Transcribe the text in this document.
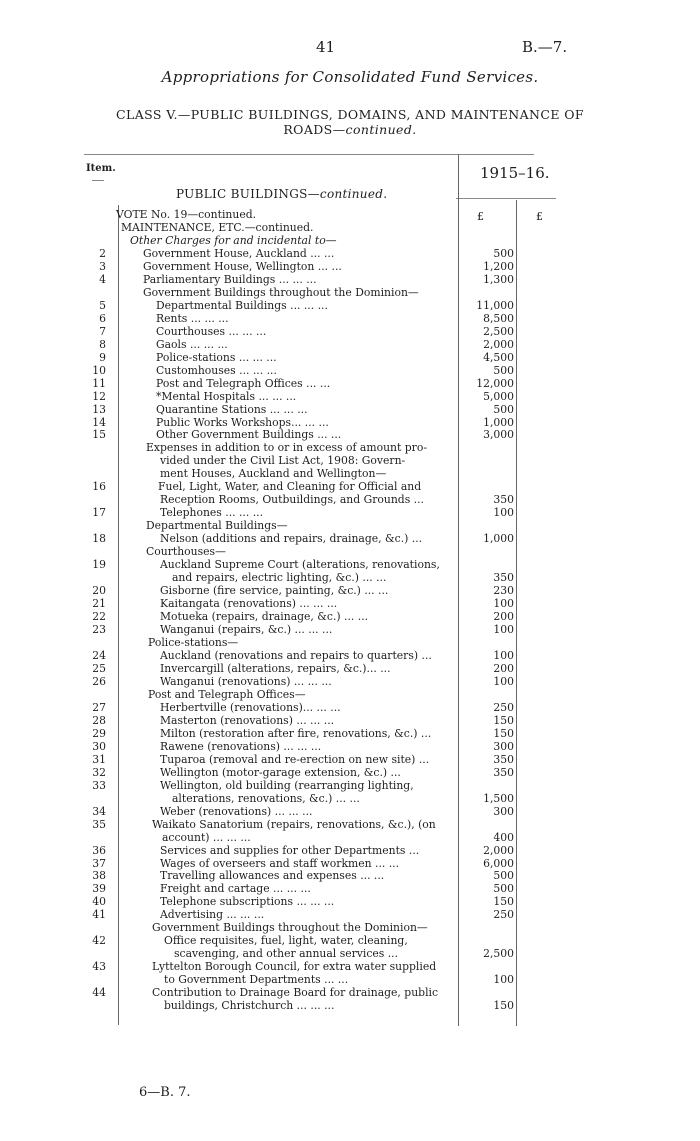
41	B.—7.
Appropriations for Consolidated Fund Services.
CLASS V.—PUBLIC BUILDINGS, DOMAINS, AND MAINTENANCE OF
ROADS—continued.
Item.	1915–16.
PUBLIC BUILDINGS—continued.
£	£
VOTE No. 19—continued.
MAINTENANCE, ETC.—continued.
Other Charges for and incidental to—
2	Government House, Auckland ... ...	500
3	Government House, Wellington ... ...	1,200
4	Parliamentary Buildings ... ... ...	1,300
Government Buildings throughout the Dominion—
5	Departmental Buildings ... ... ...	11,000
6	Rents ... ... ...	8,500
7	Courthouses ... ... ...	2,500
8	Gaols ... ... ...	2,000
9	Police-stations ... ... ...	4,500
10	Customhouses ... ... ...	500
11	Post and Telegraph Offices ... ...	12,000
12	*Mental Hospitals ... ... ...	5,000
13	Quarantine Stations ... ... ...	500
14	Public Works Workshops... ... ...	1,000
15	Other Government Buildings ... ...	3,000
Expenses in addition to or in excess of amount pro-
vided under the Civil List Act, 1908: Govern-
ment Houses, Auckland and Wellington—
16	Fuel, Light, Water, and Cleaning for Official and
Reception Rooms, Outbuildings, and Grounds ...	350
17	Telephones ... ... ...	100
Departmental Buildings—
18	Nelson (additions and repairs, drainage, &c.) ...	1,000
Courthouses—
19	Auckland Supreme Court (alterations, renovations,
and repairs, electric lighting, &c.) ... ...	350
20	Gisborne (fire service, painting, &c.) ... ...	230
21	Kaitangata (renovations) ... ... ...	100
22	Motueka (repairs, drainage, &c.) ... ...	200
23	Wanganui (repairs, &c.) ... ... ...	100
Police-stations—
24	Auckland (renovations and repairs to quarters) ...	100
25	Invercargill (alterations, repairs, &c.)... ...	200
26	Wanganui (renovations) ... ... ...	100
Post and Telegraph Offices—
27	Herbertville (renovations)... ... ...	250
28	Masterton (renovations) ... ... ...	150
29	Milton (restoration after fire, renovations, &c.) ...	150
30	Rawene (renovations) ... ... ...	300
31	Tuparoa (removal and re-erection on new site) ...	350
32	Wellington (motor-garage extension, &c.) ...	350
33	Wellington, old building (rearranging lighting,
alterations, renovations, &c.) ... ...	1,500
34	Weber (renovations) ... ... ...	300
35	Waikato Sanatorium (repairs, renovations, &c.), (on
account) ... ... ...	400
36	Services and supplies for other Departments ...	2,000
37	Wages of overseers and staff workmen ... ...	6,000
38	Travelling allowances and expenses ... ...	500
39	Freight and cartage ... ... ...	500
40	Telephone subscriptions ... ... ...	150
41	Advertising ... ... ...	250
Government Buildings throughout the Dominion—
42	Office requisites, fuel, light, water, cleaning,
scavenging, and other annual services ...	2,500
43	Lyttelton Borough Council, for extra water supplied
to Government Departments ... ...	100
44	Contribution to Drainage Board for drainage, public
buildings, Christchurch ... ... ...	150
6—B. 7.
